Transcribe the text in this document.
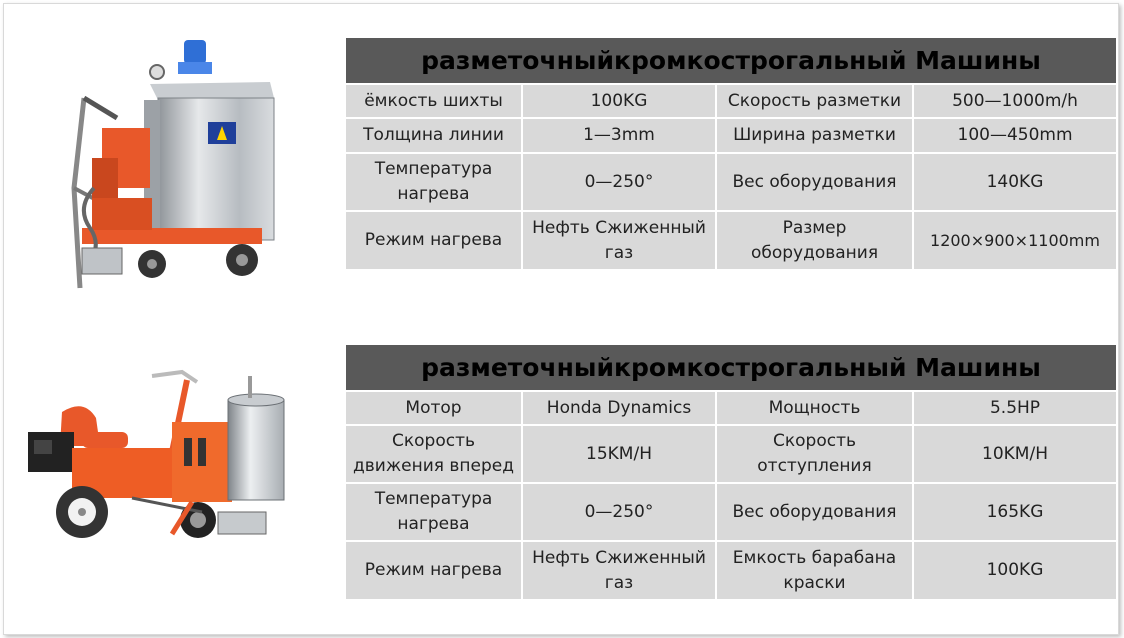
разметочныйкромкострогальный Машины			
ёмкость шихты	100KG	Скорость разметки	500—1000m/h
Толщина линии	1—3mm	Ширина разметки	100—450mm
Температура нагрева	0—250°	Вес оборудования	140KG
Режим нагрева	Нефть Сжиженный газ	Размер оборудования	1200×900×1100mm
разметочныйкромкострогальный Машины			
Мотор	Honda Dynamics	Мощность	5.5HP
Скорость движения вперед	15KM/H	Скорость отступления	10KM/H
Температура нагрева	0—250°	Вес оборудования	165KG
Режим нагрева	Нефть Сжиженный газ	Емкость барабана краски	100KG
